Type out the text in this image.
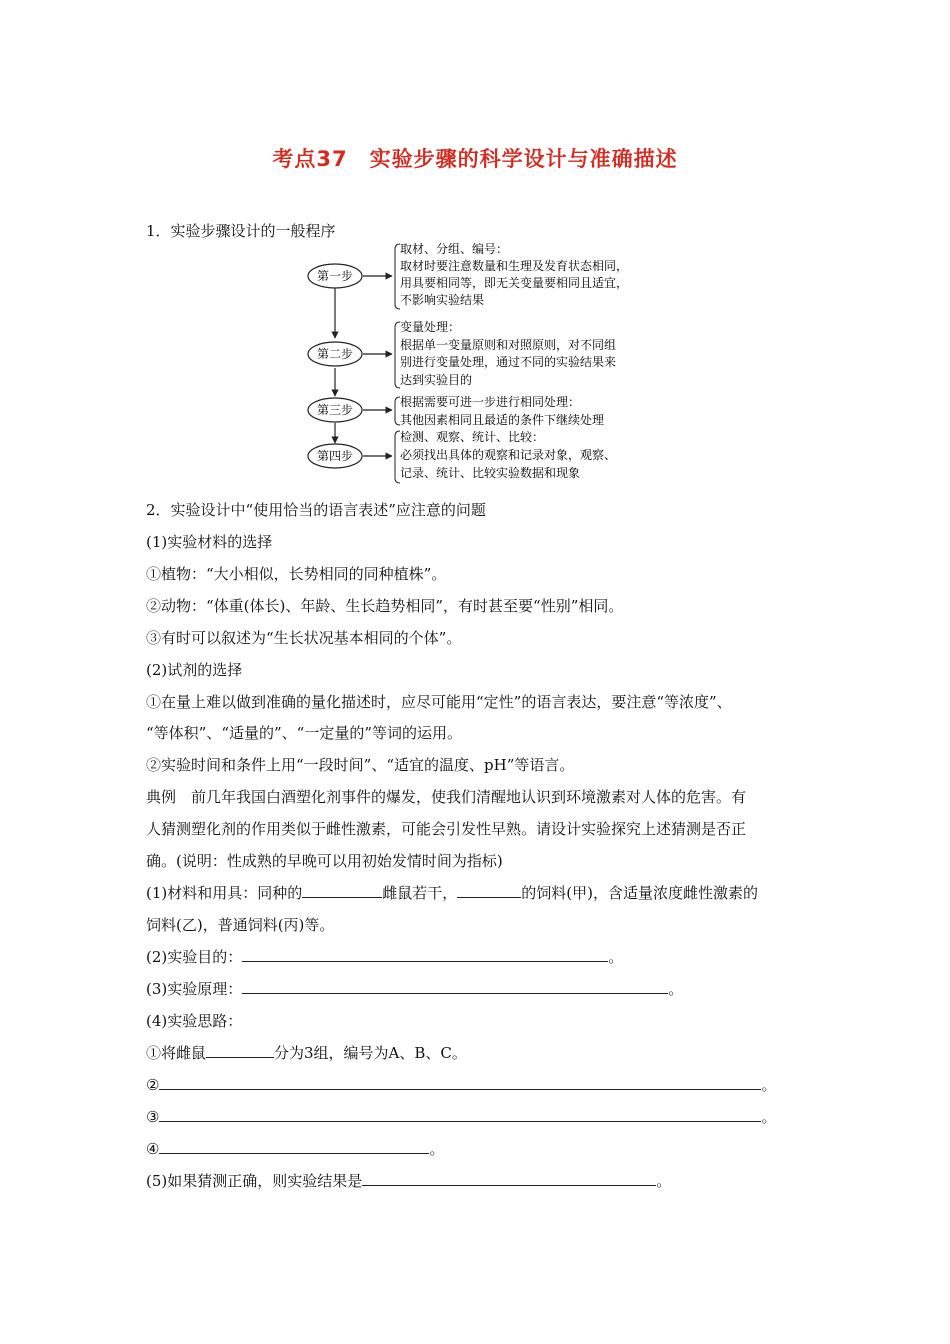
考点37　实验步骤的科学设计与准确描述
1．实验步骤设计的一般程序
第一步
取材、分组、编号：
取材时要注意数量和生理及发育状态相同，
用具要相同等，即无关变量要相同且适宜，
不影响实验结果
第二步
变量处理：
根据单一变量原则和对照原则，对不同组
别进行变量处理，通过不同的实验结果来
达到实验目的
第三步
根据需要可进一步进行相同处理：
其他因素相同且最适的条件下继续处理
第四步
检测、观察、统计、比较：
必须找出具体的观察和记录对象，观察、
记录、统计、比较实验数据和现象
2．实验设计中“使用恰当的语言表述”应注意的问题
(1)实验材料的选择
①植物：“大小相似，长势相同的同种植株”。
②动物：“体重(体长)、年龄、生长趋势相同”，有时甚至要“性别”相同。
③有时可以叙述为“生长状况基本相同的个体”。
(2)试剂的选择
①在量上难以做到准确的量化描述时，应尽可能用“定性”的语言表达，要注意“等浓度”、
“等体积”、“适量的”、“一定量的”等词的运用。
②实验时间和条件上用“一段时间”、“适宜的温度、pH”等语言。
典例　前几年我国白酒塑化剂事件的爆发，使我们清醒地认识到环境激素对人体的危害。有
人猜测塑化剂的作用类似于雌性激素，可能会引发性早熟。请设计实验探究上述猜测是否正
确。(说明：性成熟的早晚可以用初始发情时间为指标)
(1)材料和用具：同种的	雌鼠若干，	的饲料(甲)，含适量浓度雌性激素的
饲料(乙)，普通饲料(丙)等。
(2)实验目的：	。
(3)实验原理：	。
(4)实验思路：
①将雌鼠	分为3组，编号为A、B、C。
②	。
③	。
④	。
(5)如果猜测正确，则实验结果是	。
